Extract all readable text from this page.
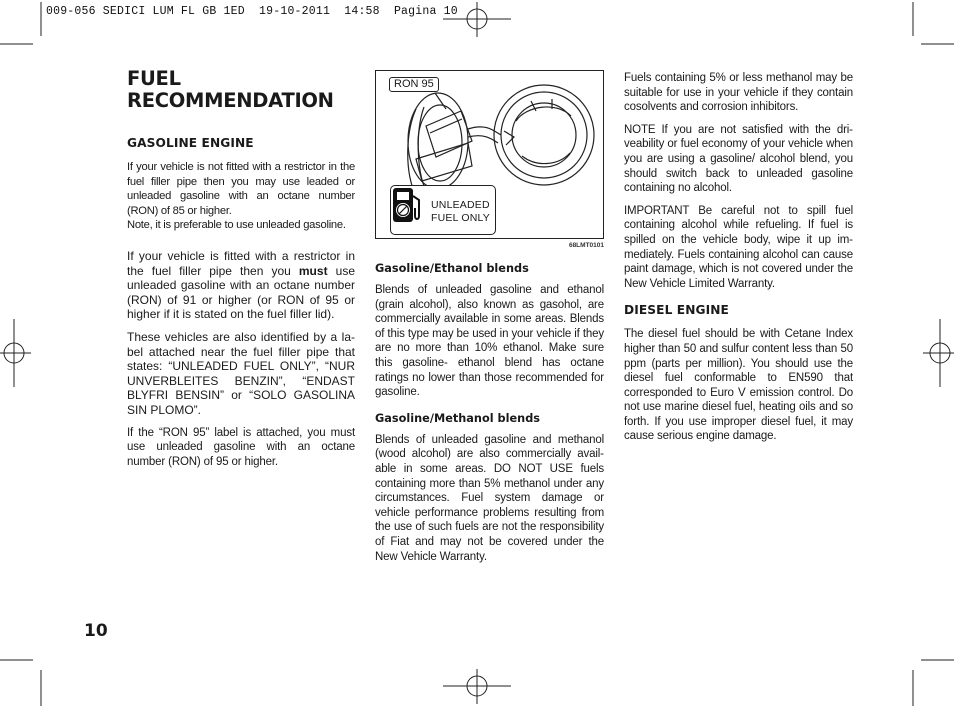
009-056 SEDICI LUM FL GB 1ED  19-10-2011  14:58  Pagina 10
FUEL
RECOMMENDATION
GASOLINE ENGINE

If your vehicle is not fitted with a restrictor in the fuel filler pipe then you may use leaded or unleaded gasoline with an octane number (RON) of 85 or higher.

Note, it is preferable to use unleaded gasoline.

If your vehicle is fitted with a restrictor in the fuel filler pipe then you must use unleaded gasoline with an octane number (RON) of 91 or higher (or RON of 95 or higher if it is stated on the fuel filler lid).

These vehicles are also identified by a label attached near the fuel filler pipe that states: “UNLEADED FUEL ONLY”, “NUR UNVERBLEITES BENZIN”, “ENDAST BLYFRI BENSIN” or “SOLO GASOLINA SIN PLOMO”.

If the “RON 95” label is attached, you must use unleaded gasoline with an octane number (RON) of 95 or higher.

RON 95
UNLEADED
FUEL ONLY
68LMT0101
Gasoline/Ethanol blends

Blends of unleaded gasoline and ethanol (grain alcohol), also known as gasohol, are commercially available in some areas. Blends of this type may be used in your vehicle if they are no more than 10% ethanol. Make sure this gasoline- ethanol blend has octane ratings no lower than those recommended for gasoline.

Gasoline/Methanol blends

Blends of unleaded gasoline and methanol (wood alcohol) are also commercially available in some areas. DO NOT USE fuels containing more than 5% methanol under any circumstances. Fuel system damage or vehicle performance problems resulting from the use of such fuels are not the responsibility of Fiat and may not be covered under the New Vehicle Warranty.

Fuels containing 5% or less methanol may be suitable for use in your vehicle if they contain cosolvents and corrosion inhibitors.

NOTE If you are not satisfied with the driveability or fuel economy of your vehicle when you are using a gasoline/ alcohol blend, you should switch back to unleaded gasoline containing no alcohol.

IMPORTANT Be careful not to spill fuel containing alcohol while refueling. If fuel is spilled on the vehicle body, wipe it up immediately. Fuels containing alcohol can cause paint damage, which is not covered under the New Vehicle Limited Warranty.

DIESEL ENGINE

The diesel fuel should be with Cetane Index higher than 50 and sulfur content less than 50 ppm (parts per million). You should use the diesel fuel conformable to EN590 that corresponded to Euro V emission control. Do not use marine diesel fuel, heating oils and so forth. If you use improper diesel fuel, it may cause serious engine damage.

10
